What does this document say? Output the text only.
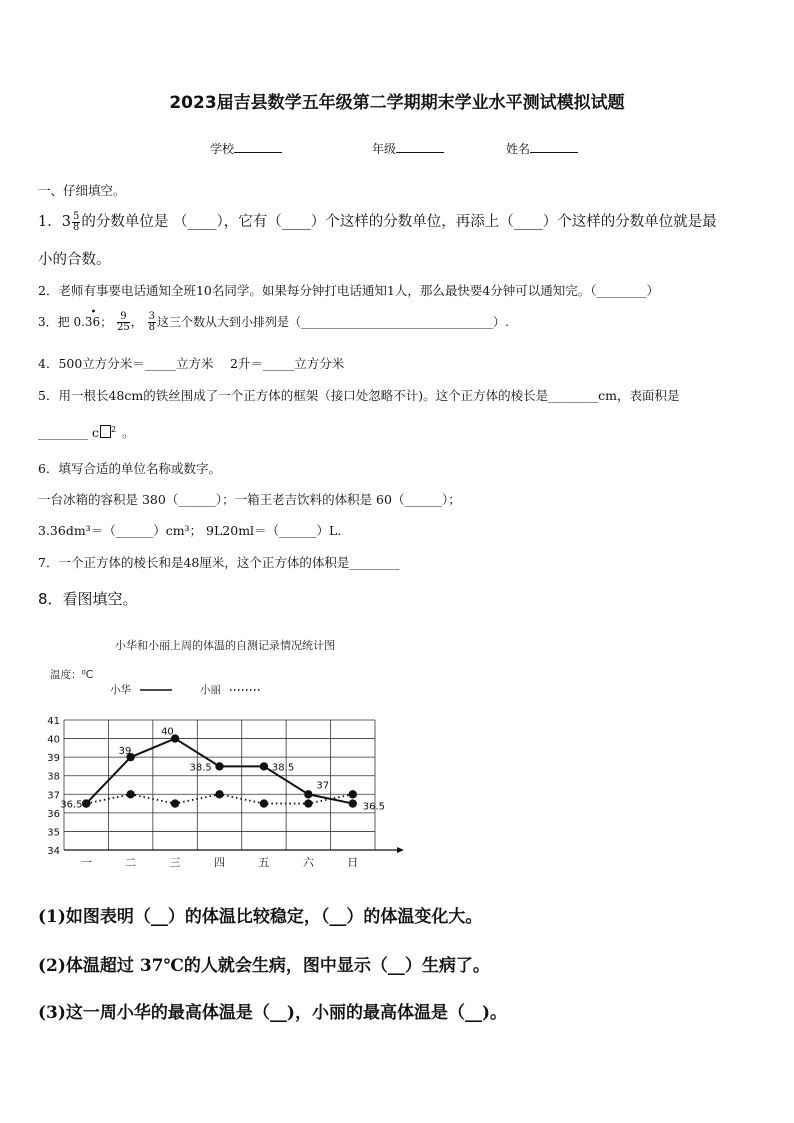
2023届吉县数学五年级第二学期期末学业水平测试模拟试题
学校	年级	姓名
一、仔细填空。
1．$3 \frac{5}{8}$ 的分数单位是 （____），它有（____）个这样的分数单位，再添上（____）个这样的分数单位就是最
小的合数。
2．老师有事要电话通知全班10名同学。如果每分钟打电话通知1人，那么最快要4分钟可以通知完。（________）
3．把 0.36
•
； $\frac{9}{25}$ ， $\frac{3}{8}$ 这三个数从大到小排列是（________________________________）.
4．500立方分米＝_____立方米　 2升＝_____立方分米
5．用一根长48cm的铁丝围成了一个正方体的框架（接口处忽略不计)。这个正方体的棱长是________cm，表面积是
________ c $^2$ 。
6．填写合适的单位名称或数字。
一台冰箱的容积是 380（______）；一箱王老吉饮料的体积是 60（______）；
3.36dm³＝（______）cm³； 9L20ml＝（______）L．
7．一个正方体的棱长和是48厘米，这个正方体的体积是________
8．看图填空。
小华和小丽上周的体温的自测记录情况统计图
温度：⁰C
小华	小丽
34
35
36
37
38
39
40
41
一	二	三	四	五	六	日
36.5
39
40
38.5	38.5
37
36.5
(1)如图表明（__）的体温比较稳定，（__）的体温变化大。
(2)体温超过 37℃的人就会生病，图中显示（__）生病了。
(3)这一周小华的最高体温是（__)，小丽的最高体温是（__)。
